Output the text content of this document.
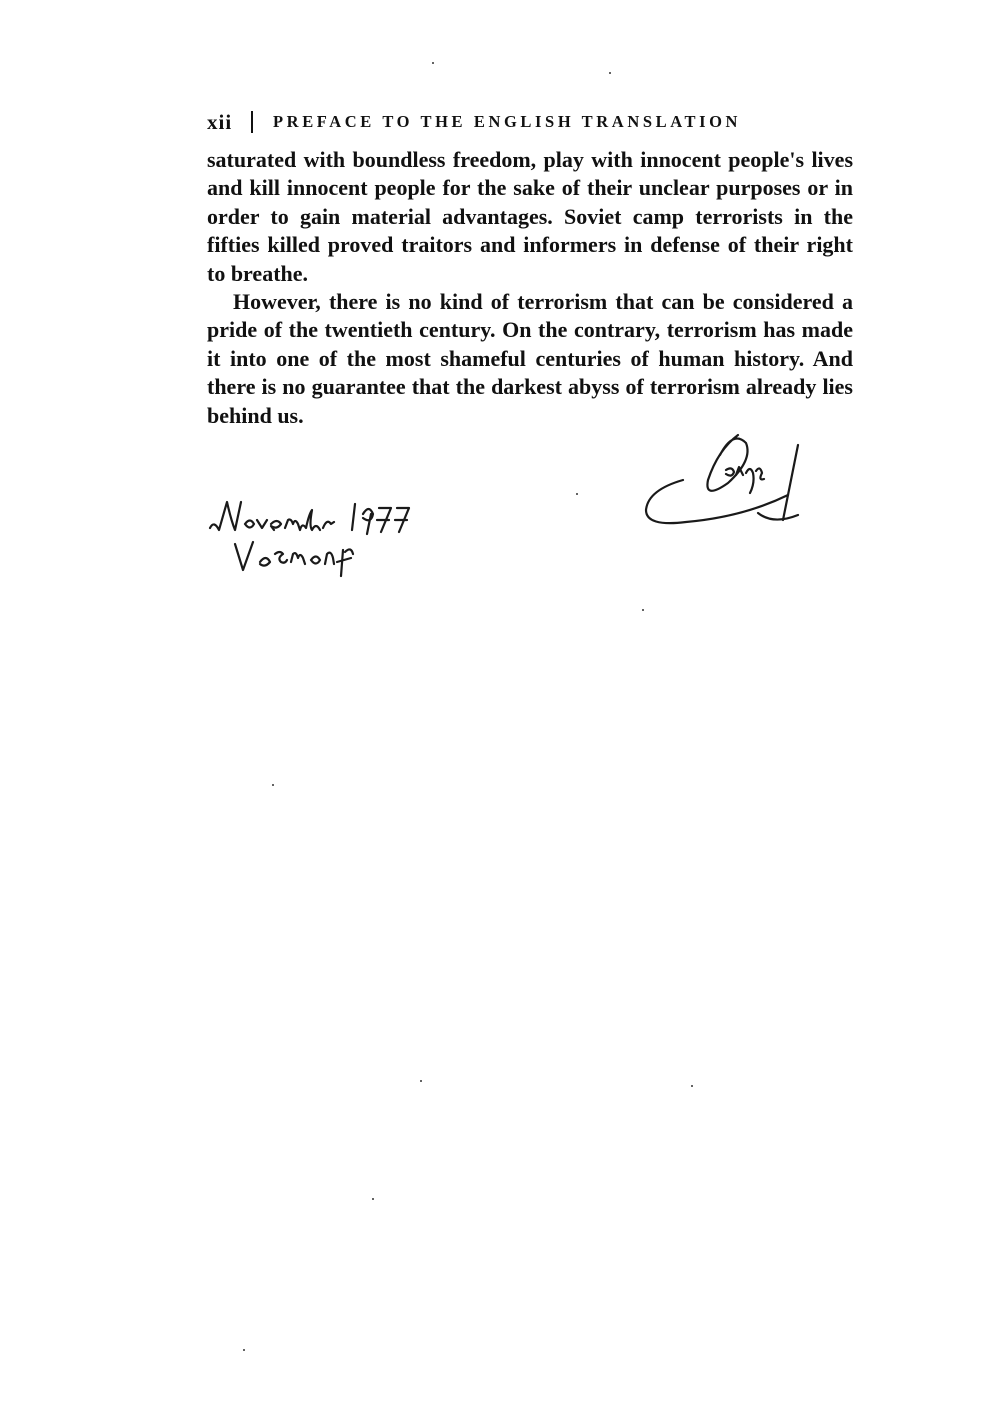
xii	PREFACE TO THE ENGLISH TRANSLATION

saturated with boundless freedom, play with innocent people's lives and kill innocent people for the sake of their unclear purposes or in order to gain material advantages. Soviet camp terrorists in the fifties killed proved traitors and informers in defense of their right to breathe.

However, there is no kind of terrorism that can be considered a pride of the twentieth century. On the contrary, terrorism has made it into one of the most shameful centuries of human history. And there is no guarantee that the darkest abyss of terrorism already lies behind us.
